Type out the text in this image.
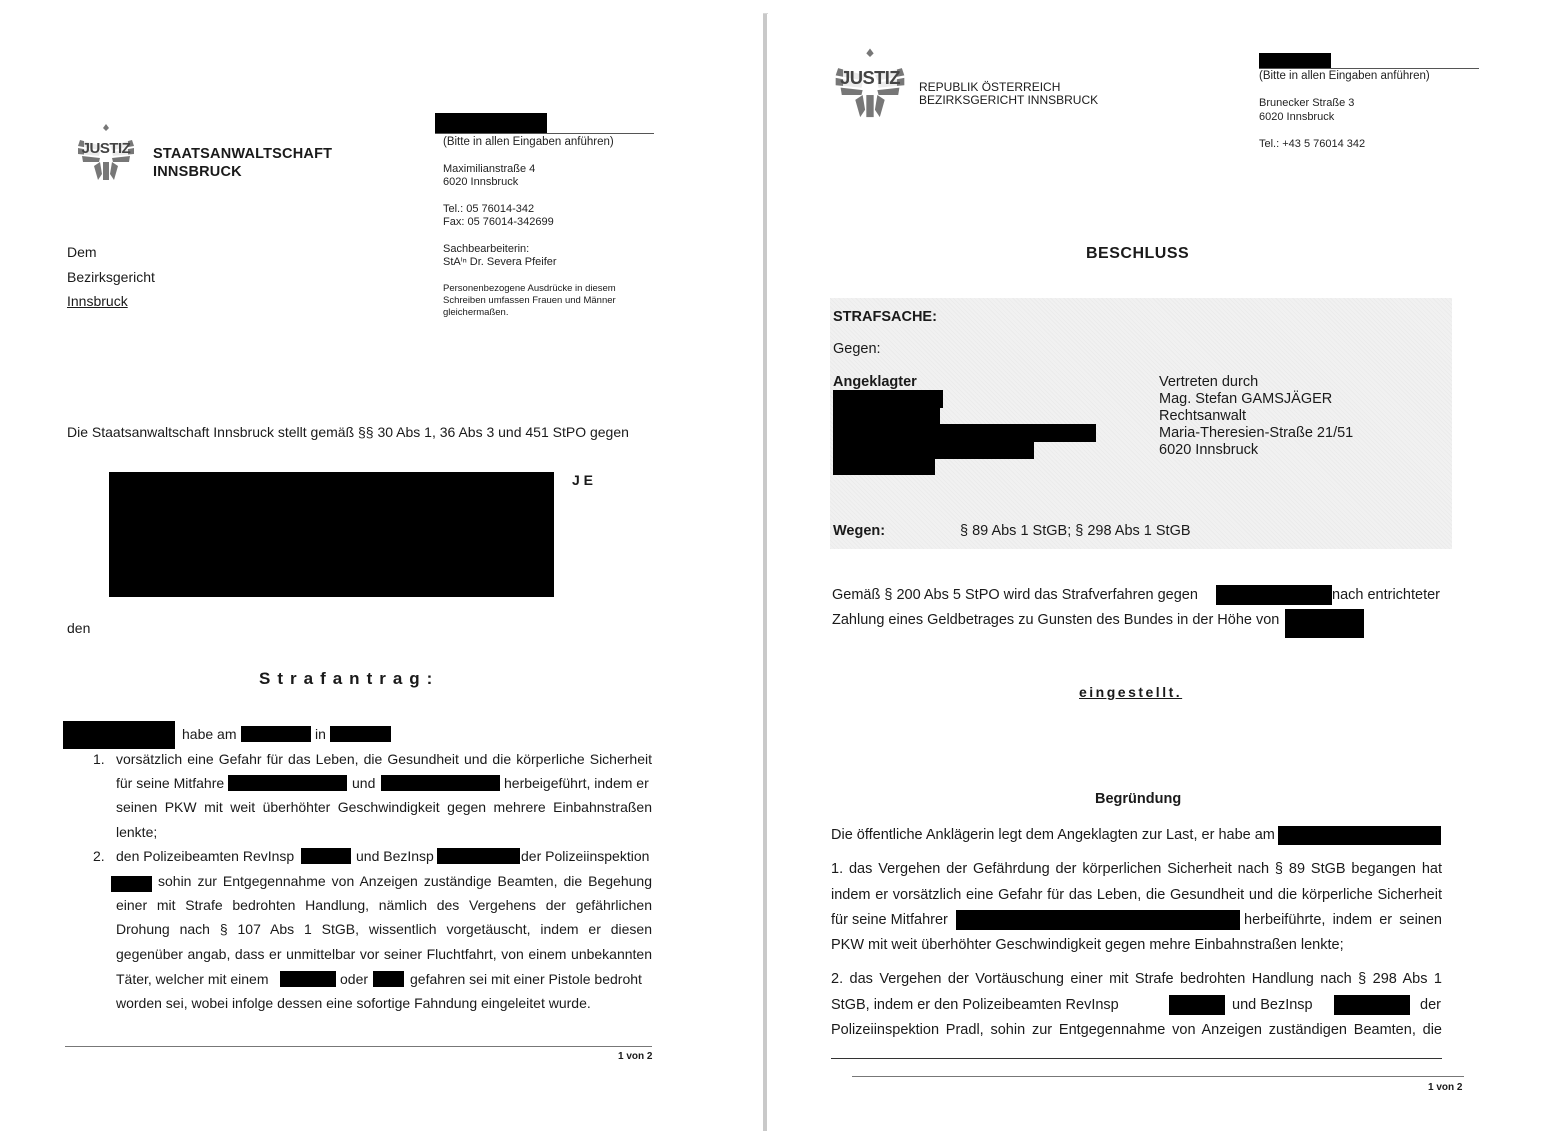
JUSTIZ STAATSANWALTSCHAFT
INNSBRUCK
(Bitte in allen Eingaben anführen)
Maximilianstraße 4
6020 Innsbruck
Tel.: 05 76014-342
Fax: 05 76014-342699
Sachbearbeiterin:
StAⁱⁿ Dr. Severa Pfeifer
Personenbezogene Ausdrücke in diesem
Schreiben umfassen Frauen und Männer
gleichermaßen.
Dem
Bezirksgericht
Innsbruck
Die Staatsanwaltschaft Innsbruck stellt gemäß §§ 30 Abs 1, 36 Abs 3 und 451 StPO gegen
J E
den
Strafantrag:
habe am	in
1. vorsätzlich eine Gefahr für das Leben, die Gesundheit und die körperliche Sicherheit
für seine Mitfahre	und	herbeigeführt, indem er
seinen PKW mit weit überhöhter Geschwindigkeit gegen mehrere Einbahnstraßen
lenkte;
2. den Polizeibeamten RevInsp	und BezInsp	der Polizeiinspektion
sohin zur Entgegennahme von Anzeigen zuständige Beamten, die Begehung
einer mit Strafe bedrohten Handlung, nämlich des Vergehens der gefährlichen
Drohung nach § 107 Abs 1 StGB, wissentlich vorgetäuscht, indem er diesen
gegenüber angab, dass er unmittelbar vor seiner Fluchtfahrt, von einem unbekannten
Täter, welcher mit einem	oder	gefahren sei mit einer Pistole bedroht
worden sei, wobei infolge dessen eine sofortige Fahndung eingeleitet wurde.
1 von 2
JUSTIZ REPUBLIK ÖSTERREICH
BEZIRKSGERICHT INNSBRUCK
(Bitte in allen Eingaben anführen)
Brunecker Straße 3
6020 Innsbruck
Tel.: +43 5 76014 342
BESCHLUSS
STRAFSACHE:
Gegen:
Angeklagter	Vertreten durch
Mag. Stefan GAMSJÄGER
Rechtsanwalt
Maria-Theresien-Straße 21/51
6020 Innsbruck
Wegen:	§ 89 Abs 1 StGB; § 298 Abs 1 StGB
Gemäß § 200 Abs 5 StPO wird das Strafverfahren gegen	nach entrichteter
Zahlung eines Geldbetrages zu Gunsten des Bundes in der Höhe von
eingestellt.
Begründung
Die öffentliche Anklägerin legt dem Angeklagten zur Last, er habe am
1. das Vergehen der Gefährdung der körperlichen Sicherheit nach § 89 StGB begangen hat
indem er vorsätzlich eine Gefahr für das Leben, die Gesundheit und die körperliche Sicherheit
für seine Mitfahrer	herbeiführte, indem er seinen
PKW mit weit überhöhter Geschwindigkeit gegen mehre Einbahnstraßen lenkte;
2. das Vergehen der Vortäuschung einer mit Strafe bedrohten Handlung nach § 298 Abs 1
StGB, indem er den Polizeibeamten RevInsp	und BezInsp	der
Polizeiinspektion Pradl, sohin zur Entgegennahme von Anzeigen zuständigen Beamten, die
1 von 2
